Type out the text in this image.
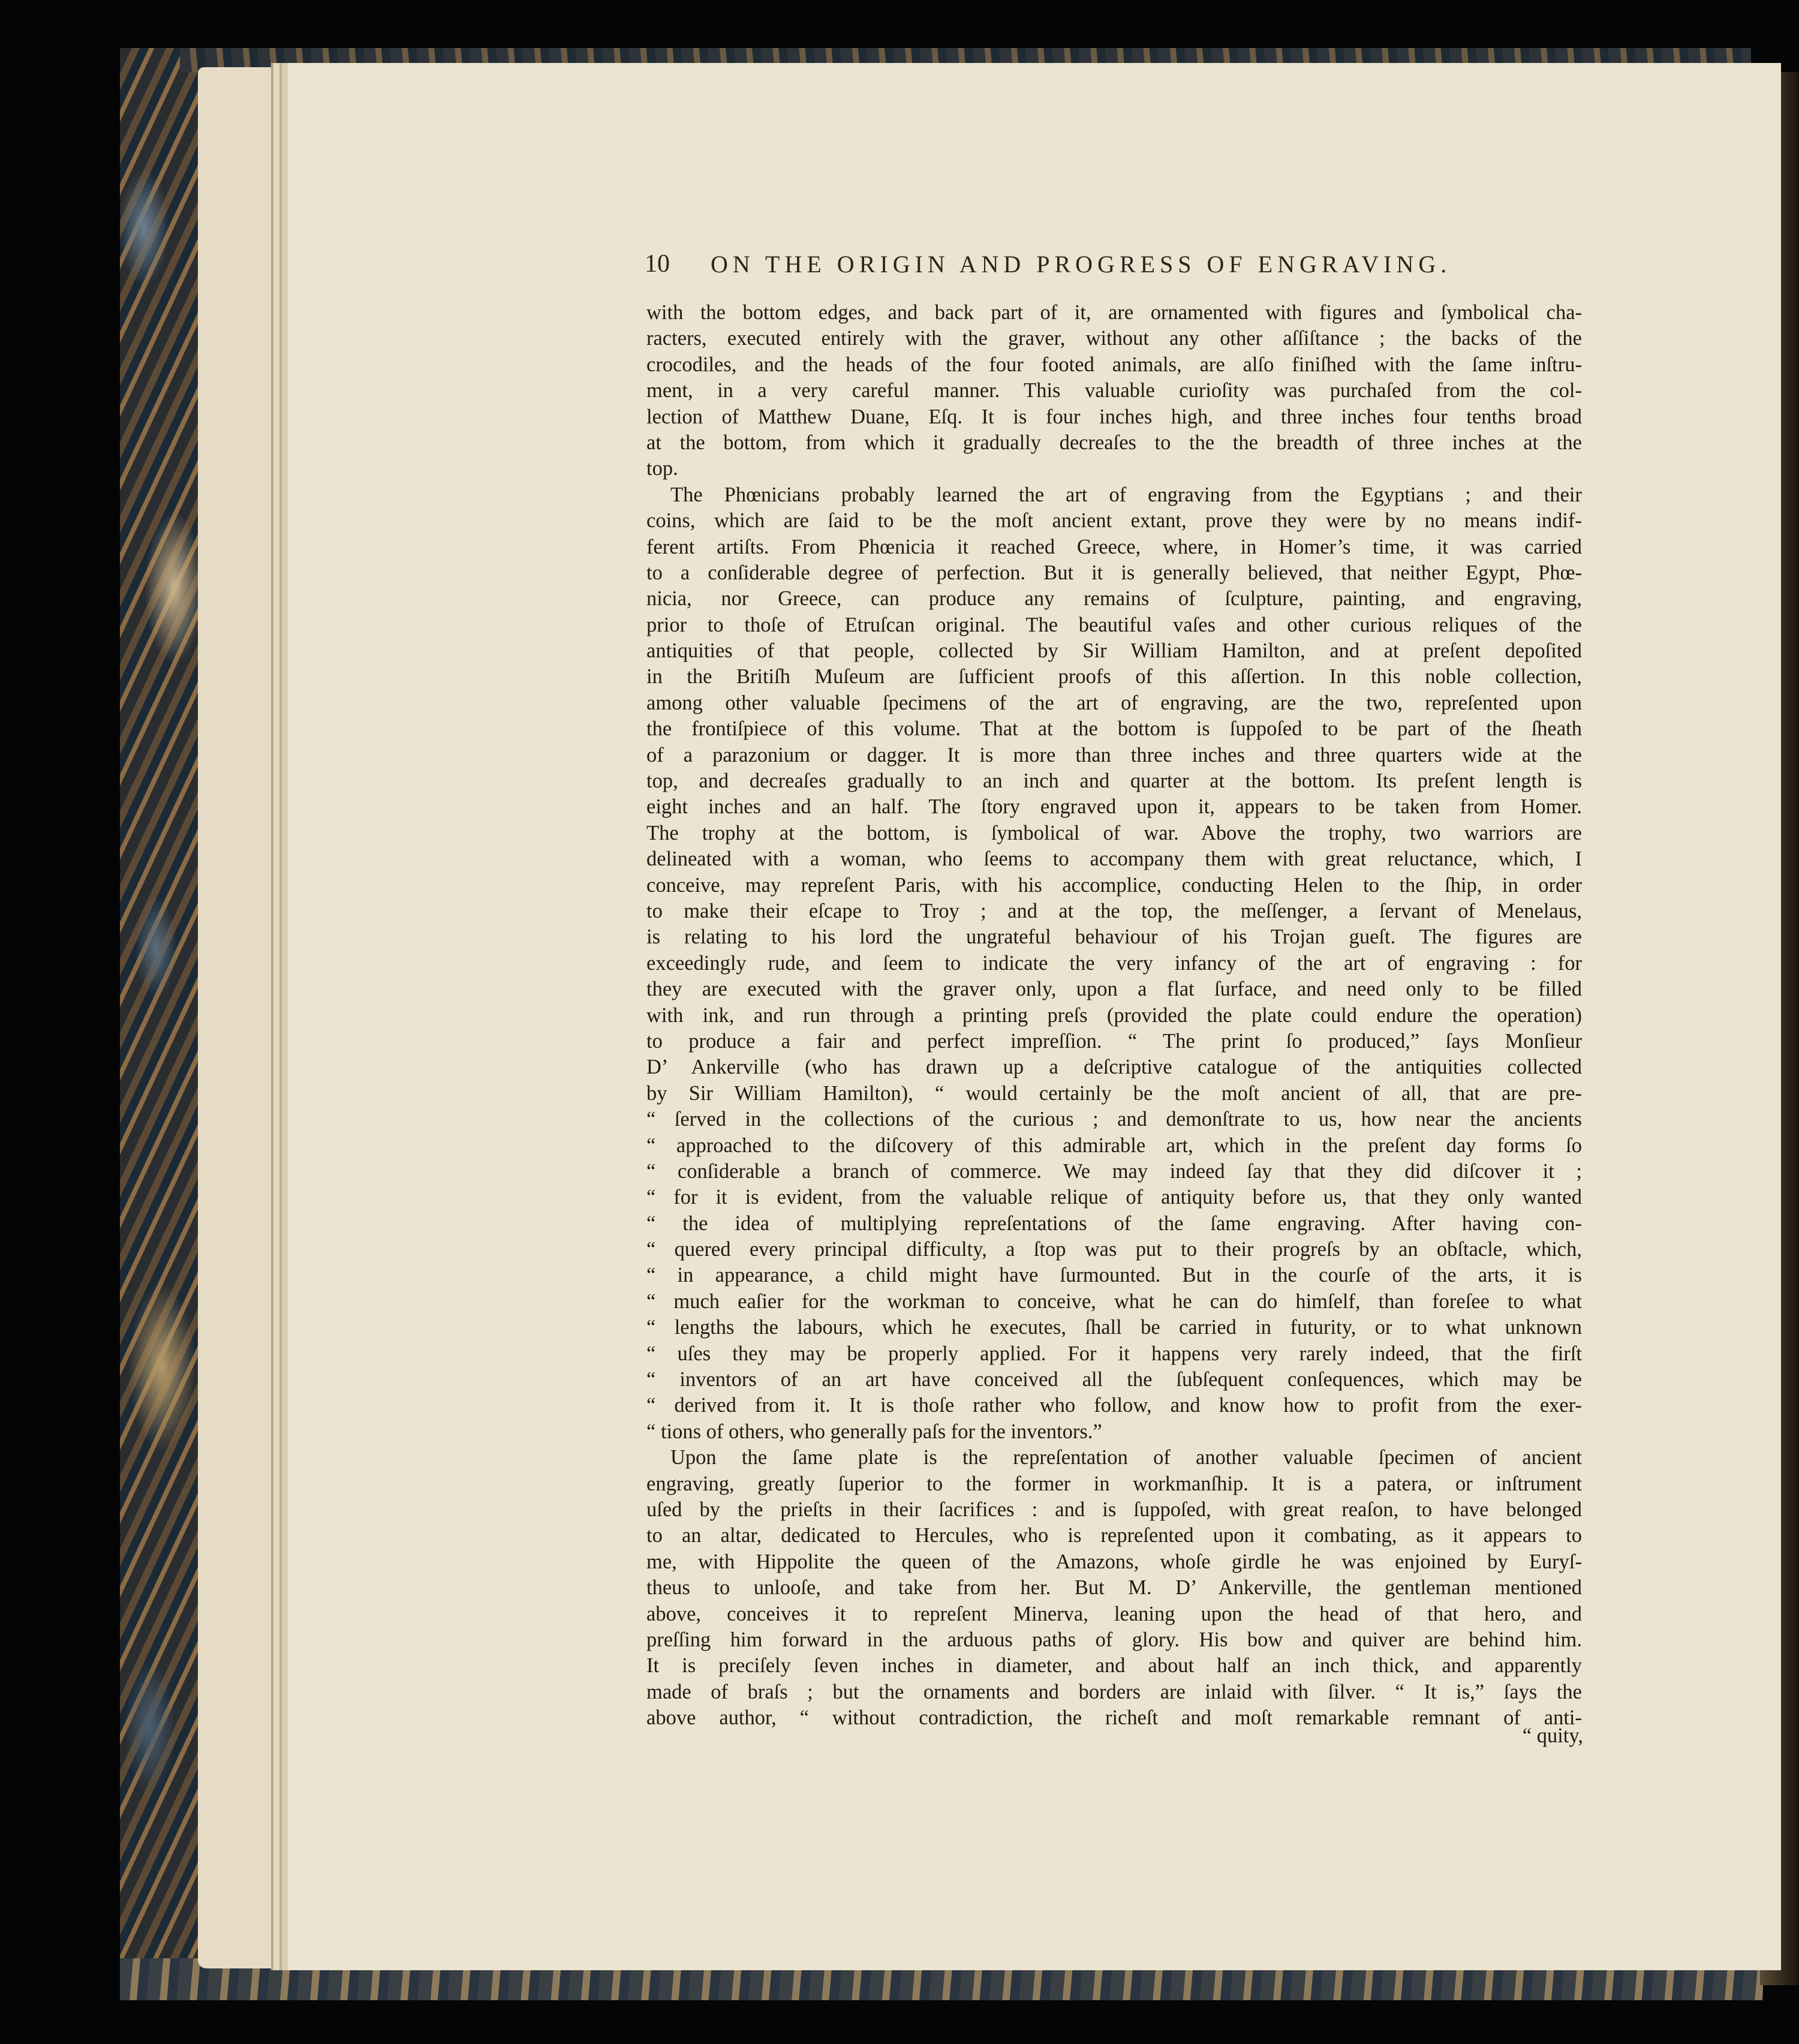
10	ON THE ORIGIN AND PROGRESS OF ENGRAVING.
with the bottom edges, and back part of it, are ornamented with figures and ſymbolical cha-
racters, executed entirely with the graver, without any other aſſiſtance ; the backs of the
crocodiles, and the heads of the four footed animals, are alſo finiſhed with the ſame inſtru-
ment, in a very careful manner. This valuable curioſity was purchaſed from the col-
lection of Matthew Duane, Eſq. It is four inches high, and three inches four tenths broad
at the bottom, from which it gradually decreaſes to the the breadth of three inches at the
top.
The Phœnicians probably learned the art of engraving from the Egyptians ; and their
coins, which are ſaid to be the moſt ancient extant, prove they were by no means indif-
ferent artiſts. From Phœnicia it reached Greece, where, in Homer’s time, it was carried
to a conſiderable degree of perfection. But it is generally believed, that neither Egypt, Phœ-
nicia, nor Greece, can produce any remains of ſculpture, painting, and engraving,
prior to thoſe of Etruſcan original. The beautiful vaſes and other curious reliques of the
antiquities of that people, collected by Sir William Hamilton, and at preſent depoſited
in the Britiſh Muſeum are ſufficient proofs of this aſſertion. In this noble collection,
among other valuable ſpecimens of the art of engraving, are the two, repreſented upon
the frontiſpiece of this volume. That at the bottom is ſuppoſed to be part of the ſheath
of a parazonium or dagger. It is more than three inches and three quarters wide at the
top, and decreaſes gradually to an inch and quarter at the bottom. Its preſent length is
eight inches and an half. The ſtory engraved upon it, appears to be taken from Homer.
The trophy at the bottom, is ſymbolical of war. Above the trophy, two warriors are
delineated with a woman, who ſeems to accompany them with great reluctance, which, I
conceive, may repreſent Paris, with his accomplice, conducting Helen to the ſhip, in order
to make their eſcape to Troy ; and at the top, the meſſenger, a ſervant of Menelaus,
is relating to his lord the ungrateful behaviour of his Trojan gueſt. The figures are
exceedingly rude, and ſeem to indicate the very infancy of the art of engraving : for
they are executed with the graver only, upon a flat ſurface, and need only to be filled
with ink, and run through a printing preſs (provided the plate could endure the operation)
to produce a fair and perfect impreſſion. “ The print ſo produced,” ſays Monſieur
D’ Ankerville (who has drawn up a deſcriptive catalogue of the antiquities collected
by Sir William Hamilton), “ would certainly be the moſt ancient of all, that are pre-
“ ſerved in the collections of the curious ; and demonſtrate to us, how near the ancients
“ approached to the diſcovery of this admirable art, which in the preſent day forms ſo
“ conſiderable a branch of commerce. We may indeed ſay that they did diſcover it ;
“ for it is evident, from the valuable relique of antiquity before us, that they only wanted
“ the idea of multiplying repreſentations of the ſame engraving. After having con-
“ quered every principal difficulty, a ſtop was put to their progreſs by an obſtacle, which,
“ in appearance, a child might have ſurmounted. But in the courſe of the arts, it is
“ much eaſier for the workman to conceive, what he can do himſelf, than foreſee to what
“ lengths the labours, which he executes, ſhall be carried in futurity, or to what unknown
“ uſes they may be properly applied. For it happens very rarely indeed, that the firſt
“ inventors of an art have conceived all the ſubſequent conſequences, which may be
“ derived from it. It is thoſe rather who follow, and know how to profit from the exer-
“ tions of others, who generally paſs for the inventors.”
Upon the ſame plate is the repreſentation of another valuable ſpecimen of ancient
engraving, greatly ſuperior to the former in workmanſhip. It is a patera, or inſtrument
uſed by the prieſts in their ſacrifices : and is ſuppoſed, with great reaſon, to have belonged
to an altar, dedicated to Hercules, who is repreſented upon it combating, as it appears to
me, with Hippolite the queen of the Amazons, whoſe girdle he was enjoined by Euryſ-
theus to unlooſe, and take from her. But M. D’ Ankerville, the gentleman mentioned
above, conceives it to repreſent Minerva, leaning upon the head of that hero, and
preſſing him forward in the arduous paths of glory. His bow and quiver are behind him.
It is preciſely ſeven inches in diameter, and about half an inch thick, and apparently
made of braſs ; but the ornaments and borders are inlaid with ſilver. “ It is,” ſays the
above author, “ without contradiction, the richeſt and moſt remarkable remnant of anti-
“ quity,
